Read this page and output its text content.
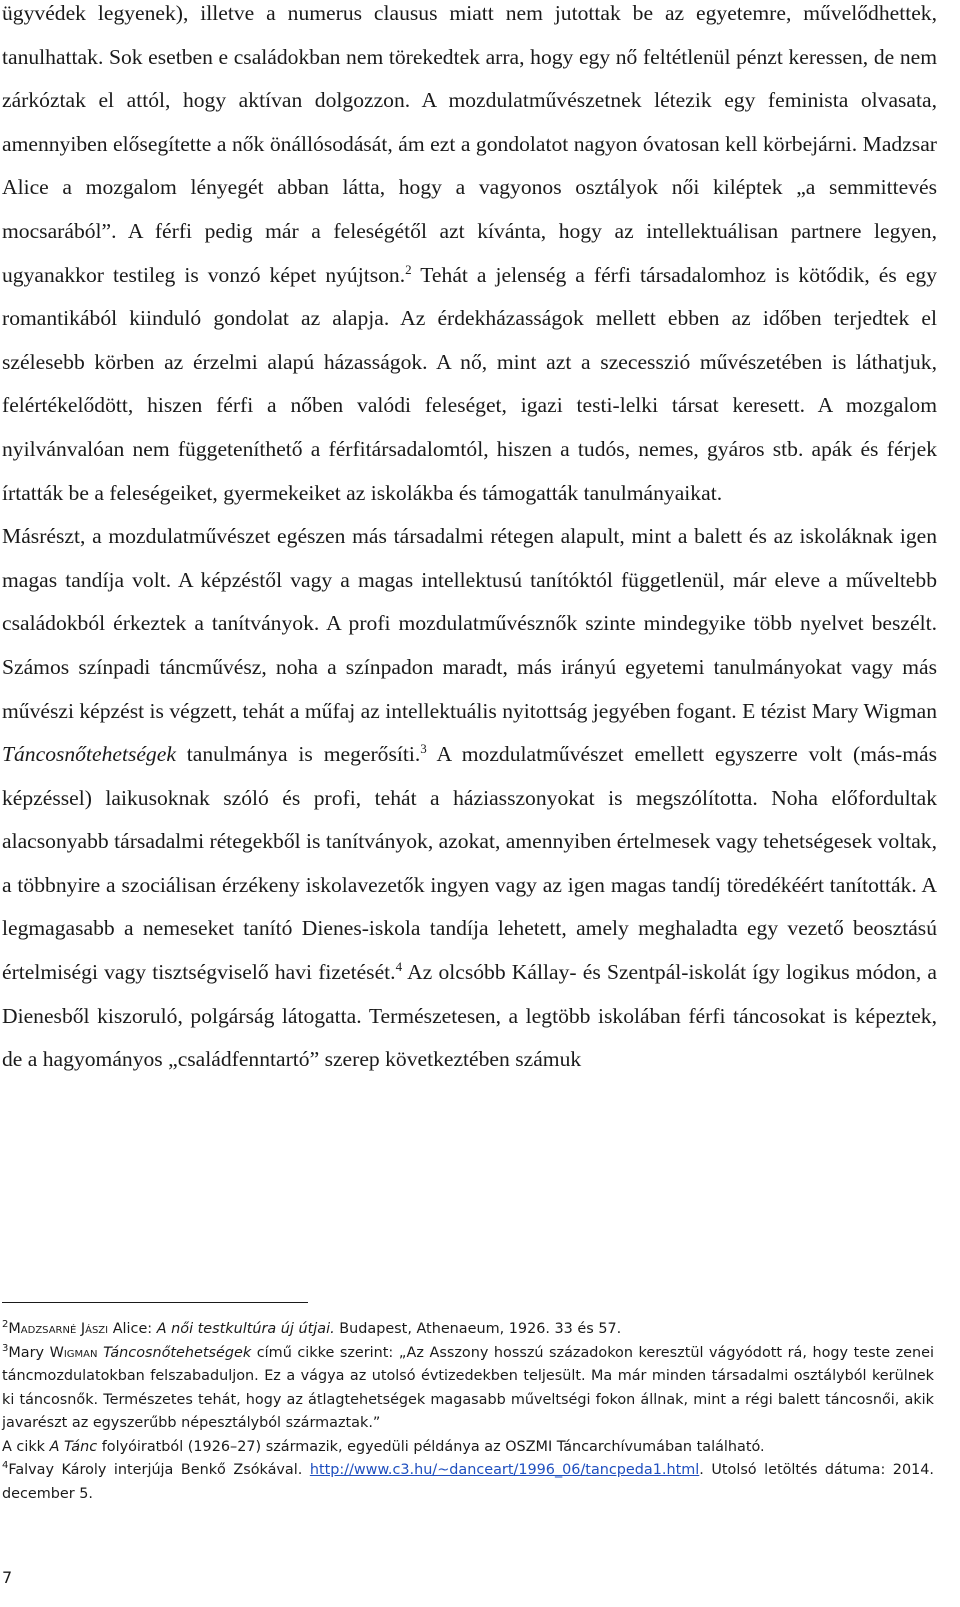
ügyvédek legyenek), illetve a numerus clausus miatt nem jutottak be az egyetemre, művelődhettek, tanulhattak. Sok esetben e családokban nem törekedtek arra, hogy egy nő feltétlenül pénzt keressen, de nem zárkóztak el attól, hogy aktívan dolgozzon. A mozdulatművészetnek létezik egy feminista olvasata, amennyiben elősegítette a nők önállósodását, ám ezt a gondolatot nagyon óvatosan kell körbejárni. Madzsar Alice a mozgalom lényegét abban látta, hogy a vagyonos osztályok női kiléptek „a semmittevés mocsarából”. A férfi pedig már a feleségétől azt kívánta, hogy az intellektuálisan partnere legyen, ugyanakkor testileg is vonzó képet nyújtson.$^2$ Tehát a jelenség a férfi társadalomhoz is kötődik, és egy romantikából kiinduló gondolat az alapja. Az érdekházasságok mellett ebben az időben terjedtek el szélesebb körben az érzelmi alapú házasságok. A nő, mint azt a szecesszió művészetében is láthatjuk, felértékelődött, hiszen férfi a nőben valódi feleséget, igazi testi-lelki társat keresett. A mozgalom nyilvánvalóan nem függeteníthető a férfitársadalomtól, hiszen a tudós, nemes, gyáros stb. apák és férjek írtatták be a feleségeiket, gyermekeiket az iskolákba és támogatták tanulmányaikat.

Másrészt, a mozdulatművészet egészen más társadalmi rétegen alapult, mint a balett és az iskoláknak igen magas tandíja volt. A képzéstől vagy a magas intellektusú tanítóktól függetlenül, már eleve a műveltebb családokból érkeztek a tanítványok. A profi mozdulatművésznők szinte mindegyike több nyelvet beszélt. Számos színpadi táncművész, noha a színpadon maradt, más irányú egyetemi tanulmányokat vagy más művészi képzést is végzett, tehát a műfaj az intellektuális nyitottság jegyében fogant. E tézist Mary Wigman Táncosnőtehetségek tanulmánya is megerősíti.$^3$ A mozdulatművészet emellett egyszerre volt (más-más képzéssel) laikusoknak szóló és profi, tehát a háziasszonyokat is megszólította. Noha előfordultak alacsonyabb társadalmi rétegekből is tanítványok, azokat, amennyiben értelmesek vagy tehetségesek voltak, a többnyire a szociálisan érzékeny iskolavezetők ingyen vagy az igen magas tandíj töredékéért tanították. A legmagasabb a nemeseket tanító Dienes-iskola tandíja lehetett, amely meghaladta egy vezető beosztású értelmiségi vagy tisztségviselő havi fizetését.$^4$ Az olcsóbb Kállay- és Szentpál-iskolát így logikus módon, a Dienesből kiszoruló, polgárság látogatta. Természetesen, a legtöbb iskolában férfi táncosokat is képeztek, de a hagyományos „családfenntartó” szerep következtében számuk

$^2$Madzsarné Jászi Alice: A női testkultúra új útjai. Budapest, Athenaeum, 1926. 33 és 57.

$^3$Mary Wigman Táncosnőtehetségek című cikke szerint: „Az Asszony hosszú századokon keresztül vágyódott rá, hogy teste zenei táncmozdulatokban felszabaduljon. Ez a vágya az utolsó évtizedekben teljesült. Ma már minden társadalmi osztályból kerülnek ki táncosnők. Természetes tehát, hogy az átlagtehetségek magasabb műveltségi fokon állnak, mint a régi balett táncosnői, akik javarészt az egyszerűbb népesztályból származtak.”

A cikk A Tánc folyóiratból (1926–27) származik, egyedüli példánya az OSZMI Táncarchívumában található.

$^4$Falvay Károly interjúja Benkő Zsókával. http://www.c3.hu/~danceart/1996_06/tancpeda1.html. Utolsó letöltés dátuma: 2014. december 5.

7
